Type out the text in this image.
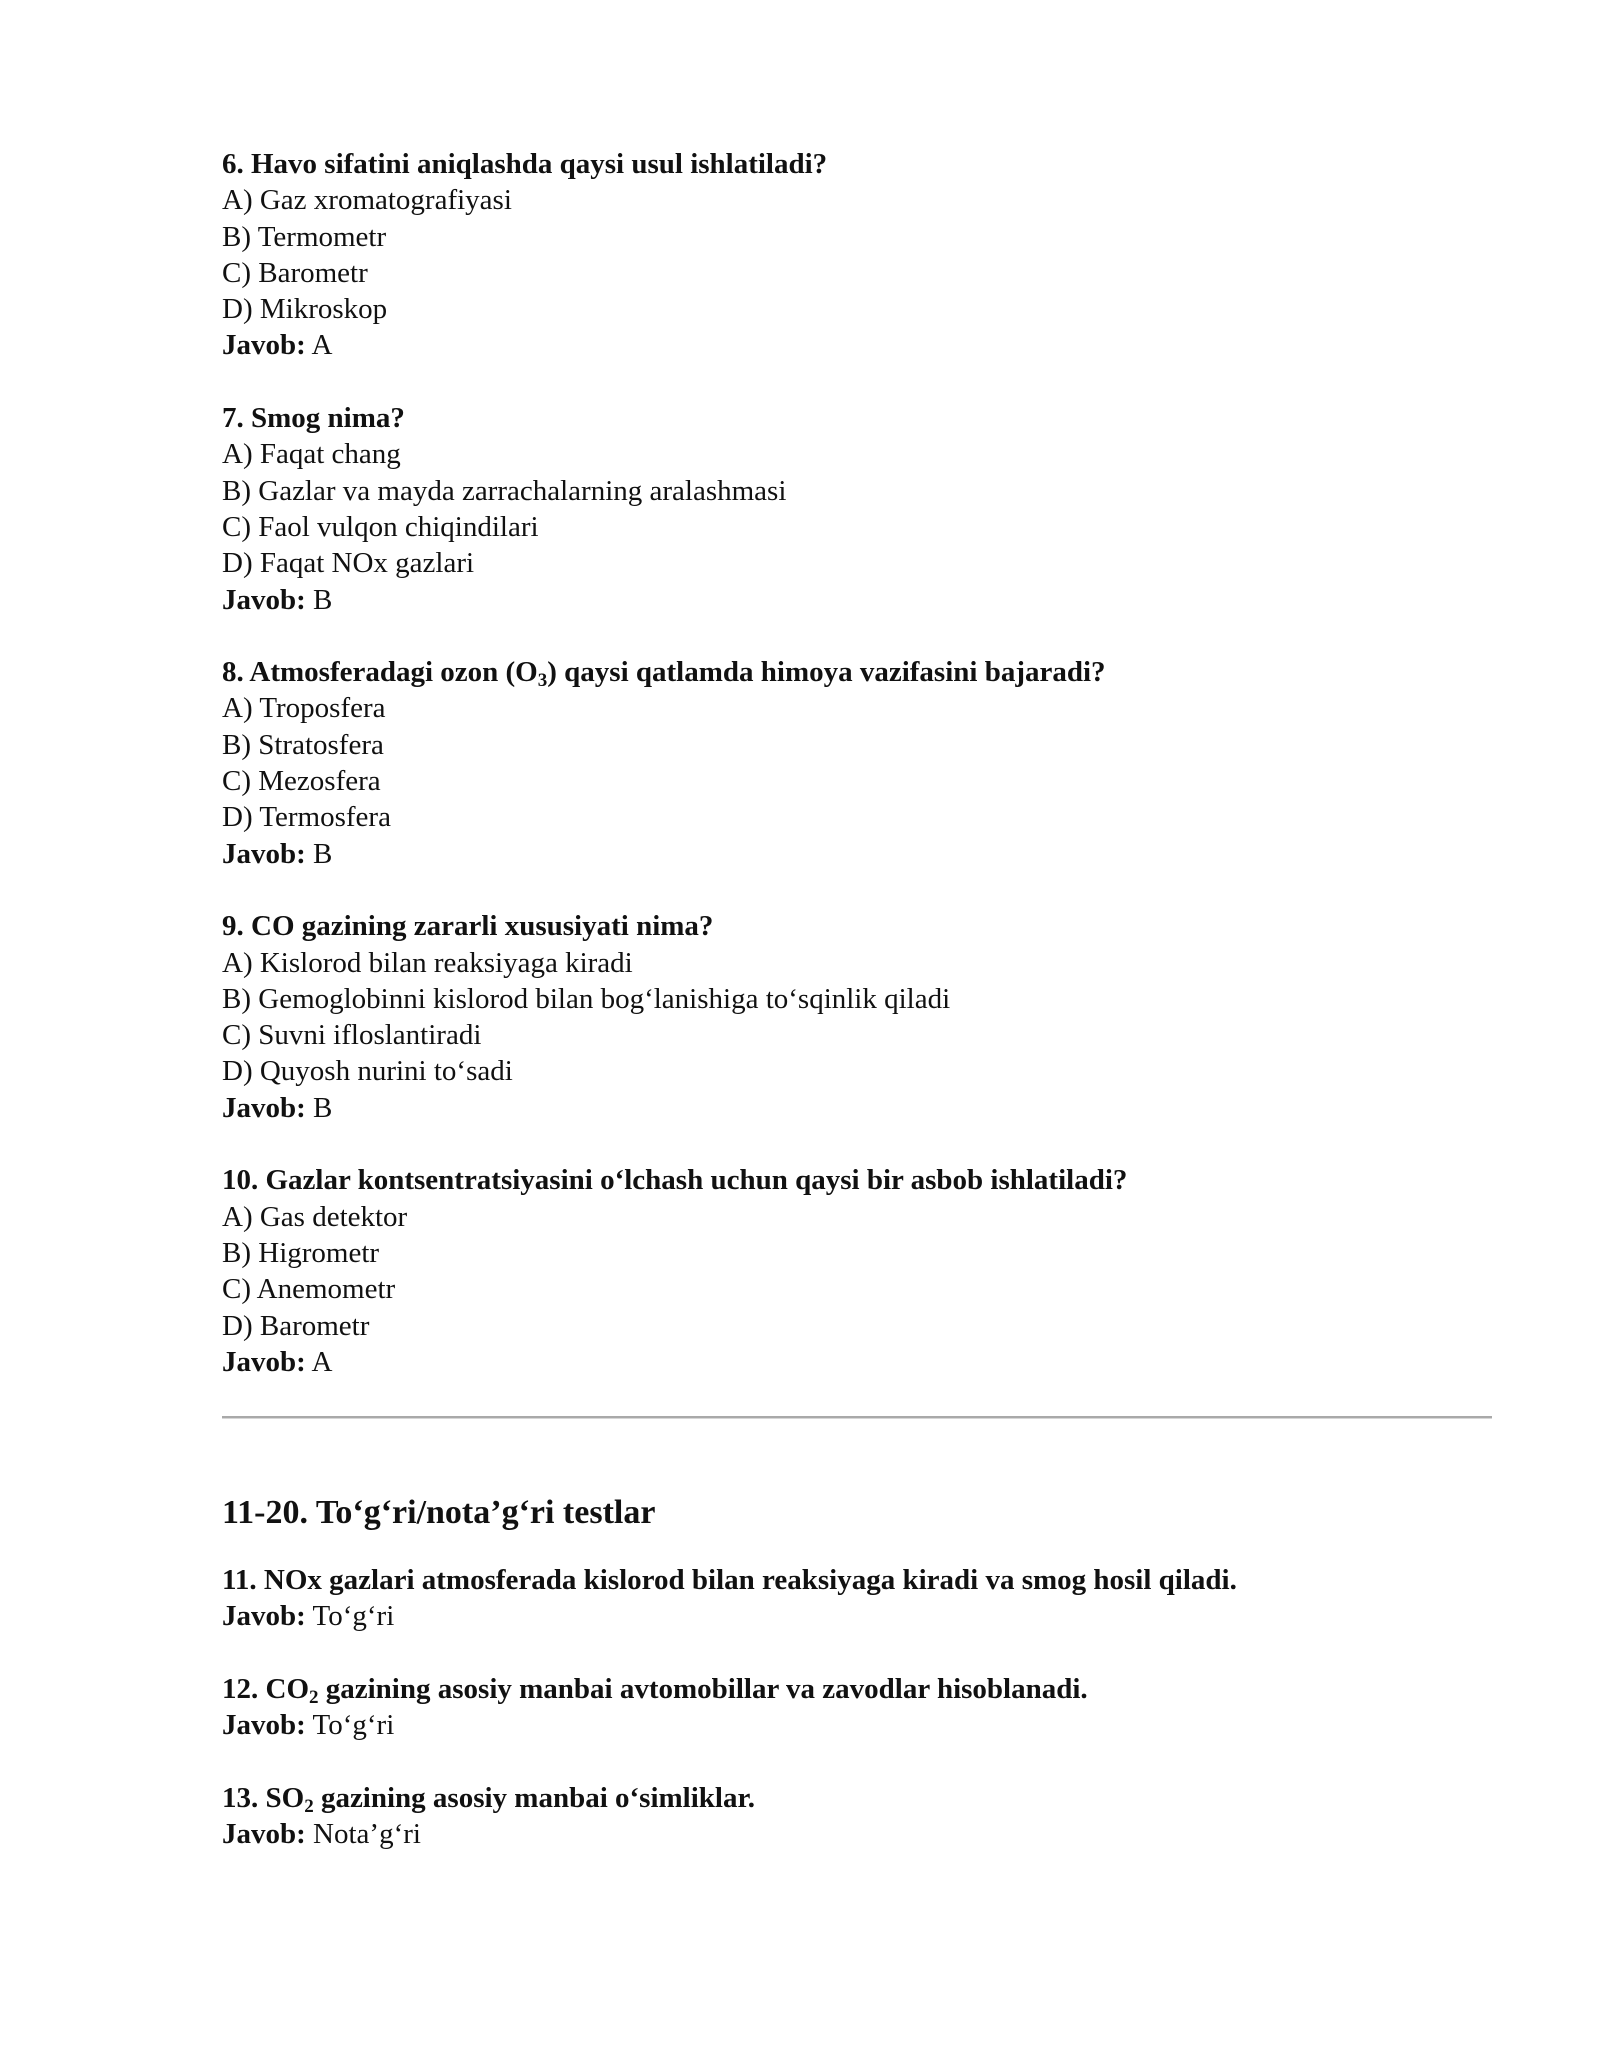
6. Havo sifatini aniqlashda qaysi usul ishlatiladi?
A) Gaz xromatografiyasi
B) Termometr
C) Barometr
D) Mikroskop
Javob: A
7. Smog nima?
A) Faqat chang
B) Gazlar va mayda zarrachalarning aralashmasi
C) Faol vulqon chiqindilari
D) Faqat NOx gazlari
Javob: B
8. Atmosferadagi ozon $(O_3)$ qaysi qatlamda himoya vazifasini bajaradi?
A) Troposfera
B) Stratosfera
C) Mezosfera
D) Termosfera
Javob: B
9. CO gazining zararli xususiyati nima?
A) Kislorod bilan reaksiyaga kiradi
B) Gemoglobinni kislorod bilan bog‘lanishiga to‘sqinlik qiladi
C) Suvni ifloslantiradi
D) Quyosh nurini to‘sadi
Javob: B
10. Gazlar kontsentratsiyasini o‘lchash uchun qaysi bir asbob ishlatiladi?
A) Gas detektor
B) Higrometr
C) Anemometr
D) Barometr
Javob: A
11-20. To‘g‘ri/nota’g‘ri testlar
11. NOx gazlari atmosferada kislorod bilan reaksiyaga kiradi va smog hosil qiladi.
Javob: To‘g‘ri
12. $CO_2$ gazining asosiy manbai avtomobillar va zavodlar hisoblanadi.
Javob: To‘g‘ri
13. $SO_2$ gazining asosiy manbai o‘simliklar.
Javob: Nota’g‘ri
